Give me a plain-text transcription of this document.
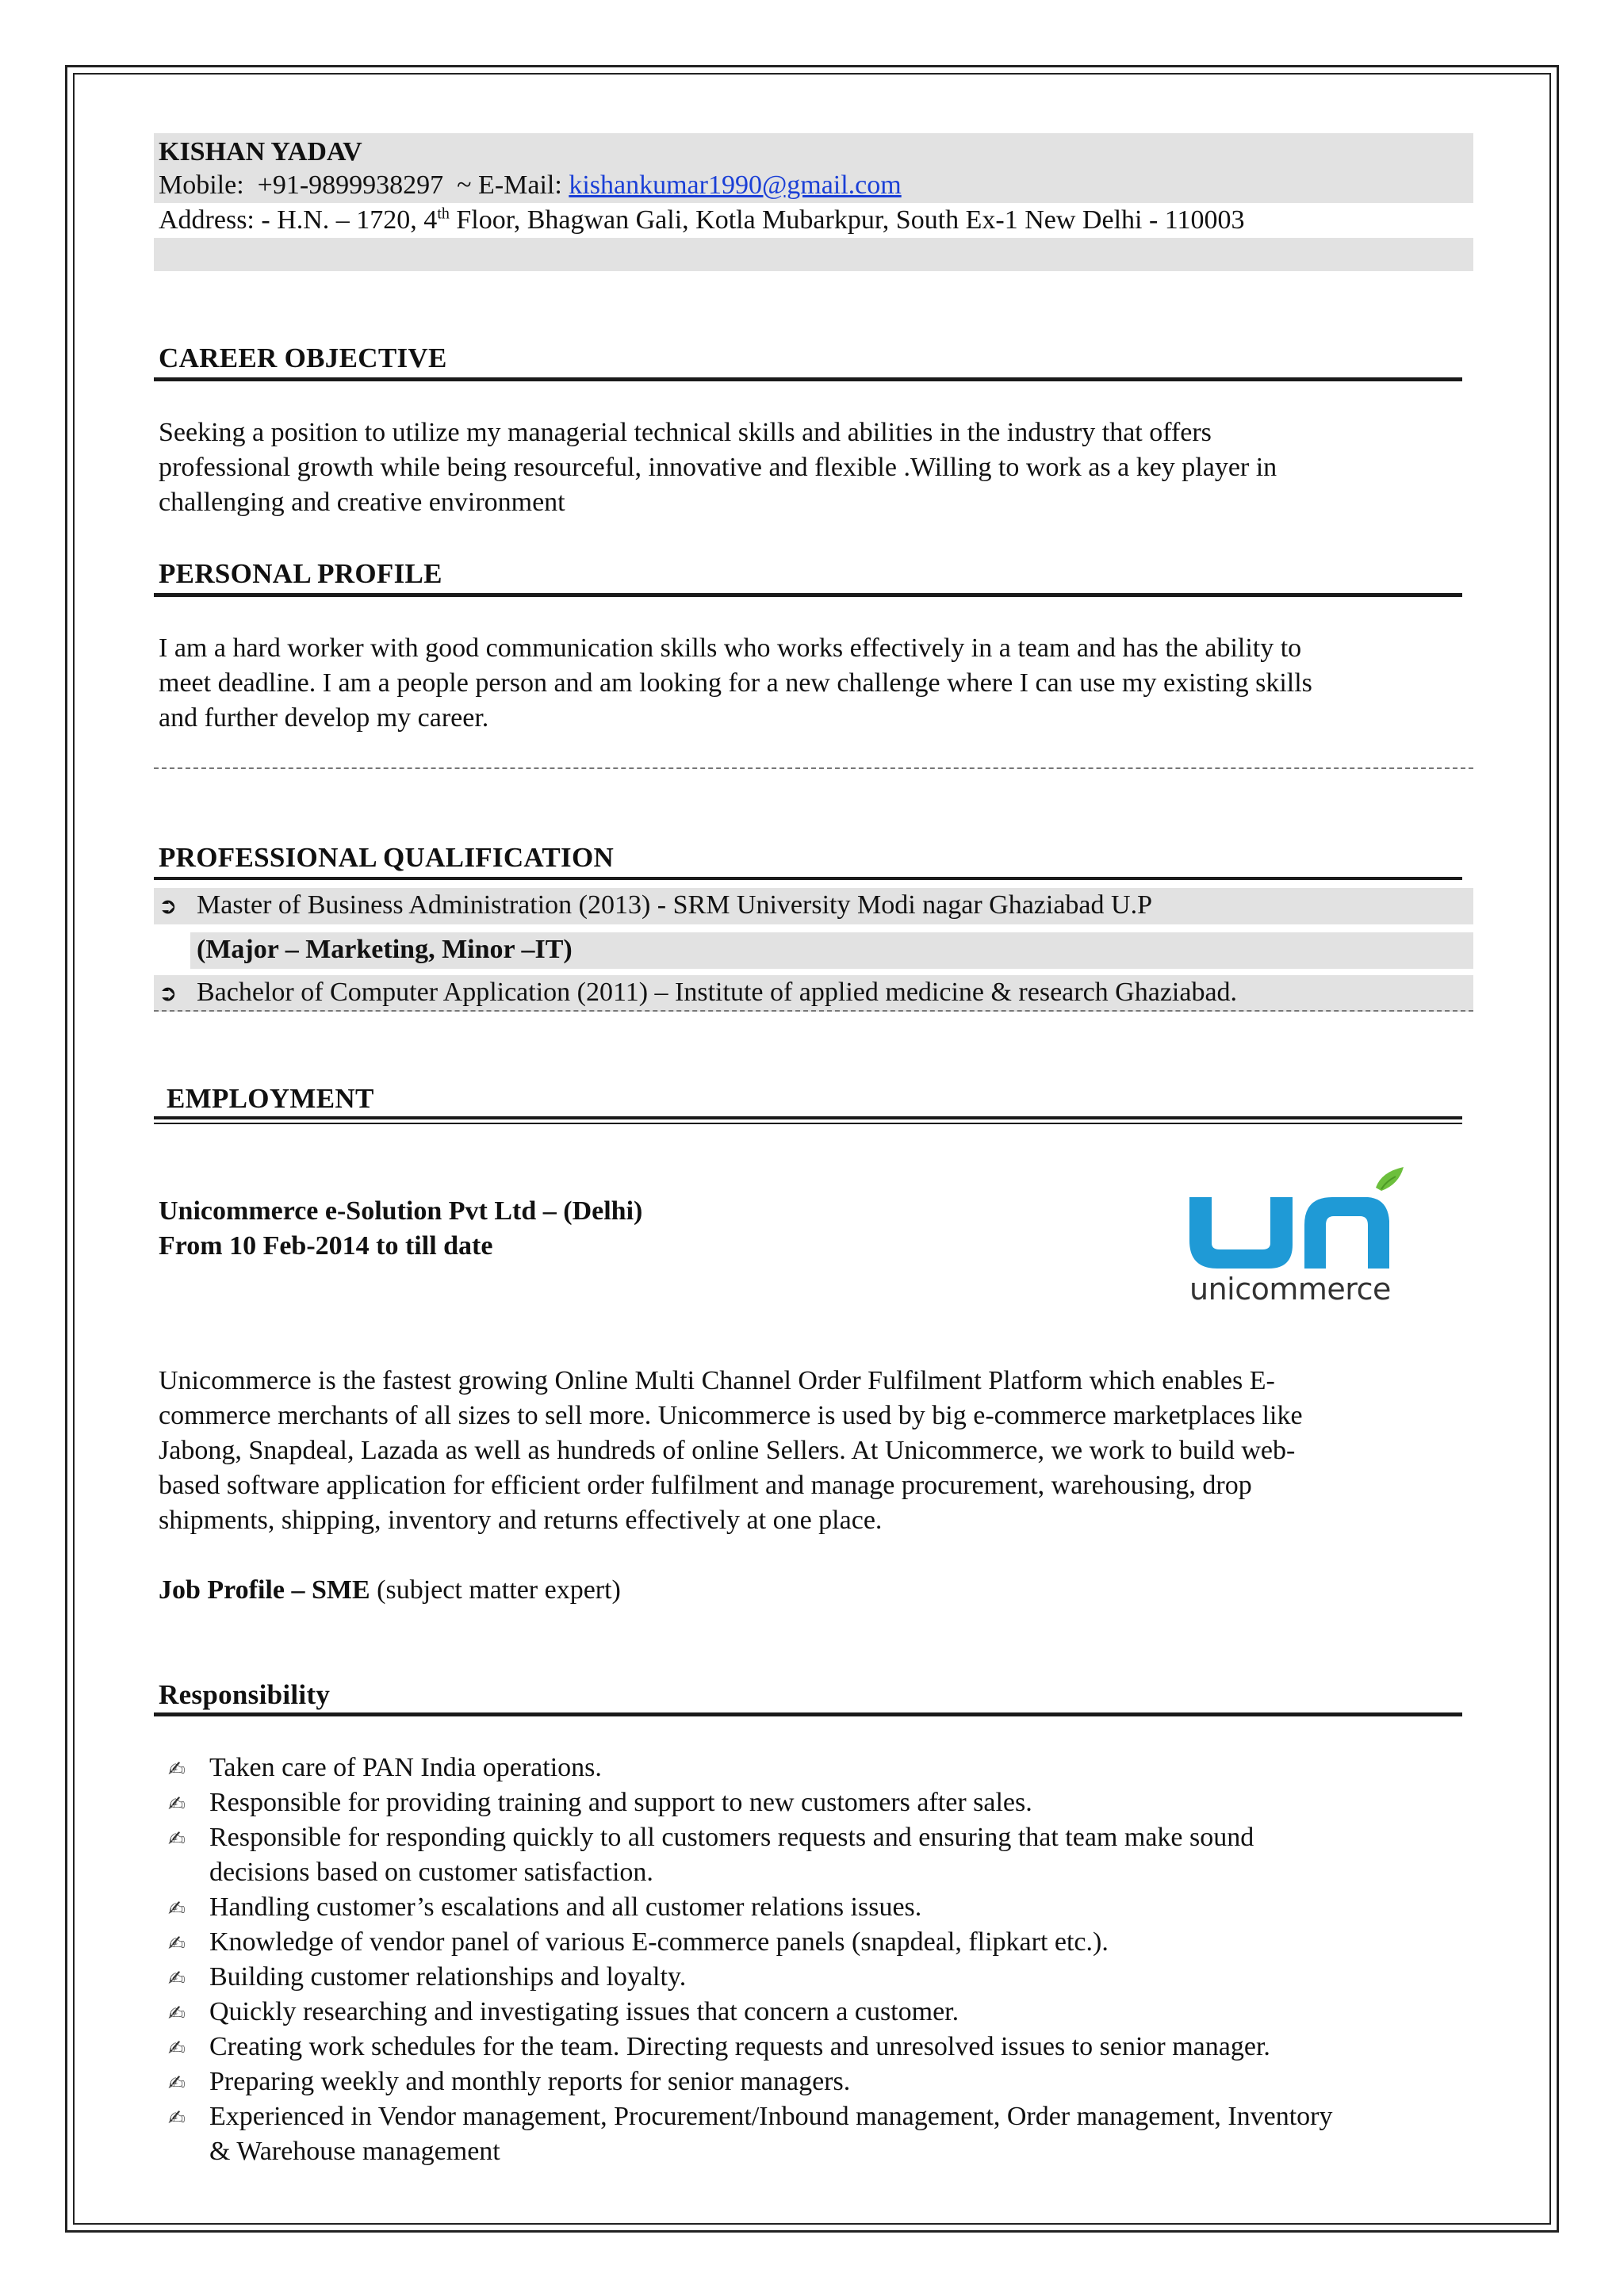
KISHAN YADAV
Mobile:  +91-9899938297  ~ E-Mail: kishankumar1990@gmail.com
Address: - H.N. – 1720, 4th Floor, Bhagwan Gali, Kotla Mubarkpur, South Ex-1 New Delhi - 110003
CAREER OBJECTIVE
Seeking a position to utilize my managerial technical skills and abilities in the industry that offers
professional growth while being resourceful, innovative and flexible .Willing to work as a key player in
challenging and creative environment
PERSONAL PROFILE
I am a hard worker with good communication skills who works effectively in a team and has the ability to
meet deadline. I am a people person and am looking for a new challenge where I can use my existing skills
and further develop my career.
PROFESSIONAL QUALIFICATION
➲ Master of Business Administration (2013) - SRM University Modi nagar Ghaziabad U.P
(Major – Marketing, Minor –IT)
➲ Bachelor of Computer Application (2011) – Institute of applied medicine & research Ghaziabad.
EMPLOYMENT
Unicommerce e-Solution Pvt Ltd – (Delhi)
From 10 Feb-2014 to till date
unicommerce
Unicommerce is the fastest growing Online Multi Channel Order Fulfilment Platform which enables E-
commerce merchants of all sizes to sell more. Unicommerce is used by big e-commerce marketplaces like
Jabong, Snapdeal, Lazada as well as hundreds of online Sellers. At Unicommerce, we work to build web-
based software application for efficient order fulfilment and manage procurement, warehousing, drop
shipments, shipping, inventory and returns effectively at one place.
Job Profile – SME (subject matter expert)
Responsibility
✍ Taken care of PAN India operations.
✍ Responsible for providing training and support to new customers after sales.
✍ Responsible for responding quickly to all customers requests and ensuring that team make sound
decisions based on customer satisfaction.
✍ Handling customer’s escalations and all customer relations issues.
✍ Knowledge of vendor panel of various E-commerce panels (snapdeal, flipkart etc.).
✍ Building customer relationships and loyalty.
✍ Quickly researching and investigating issues that concern a customer.
✍ Creating work schedules for the team. Directing requests and unresolved issues to senior manager.
✍ Preparing weekly and monthly reports for senior managers.
✍ Experienced in Vendor management, Procurement/Inbound management, Order management, Inventory
& Warehouse management
